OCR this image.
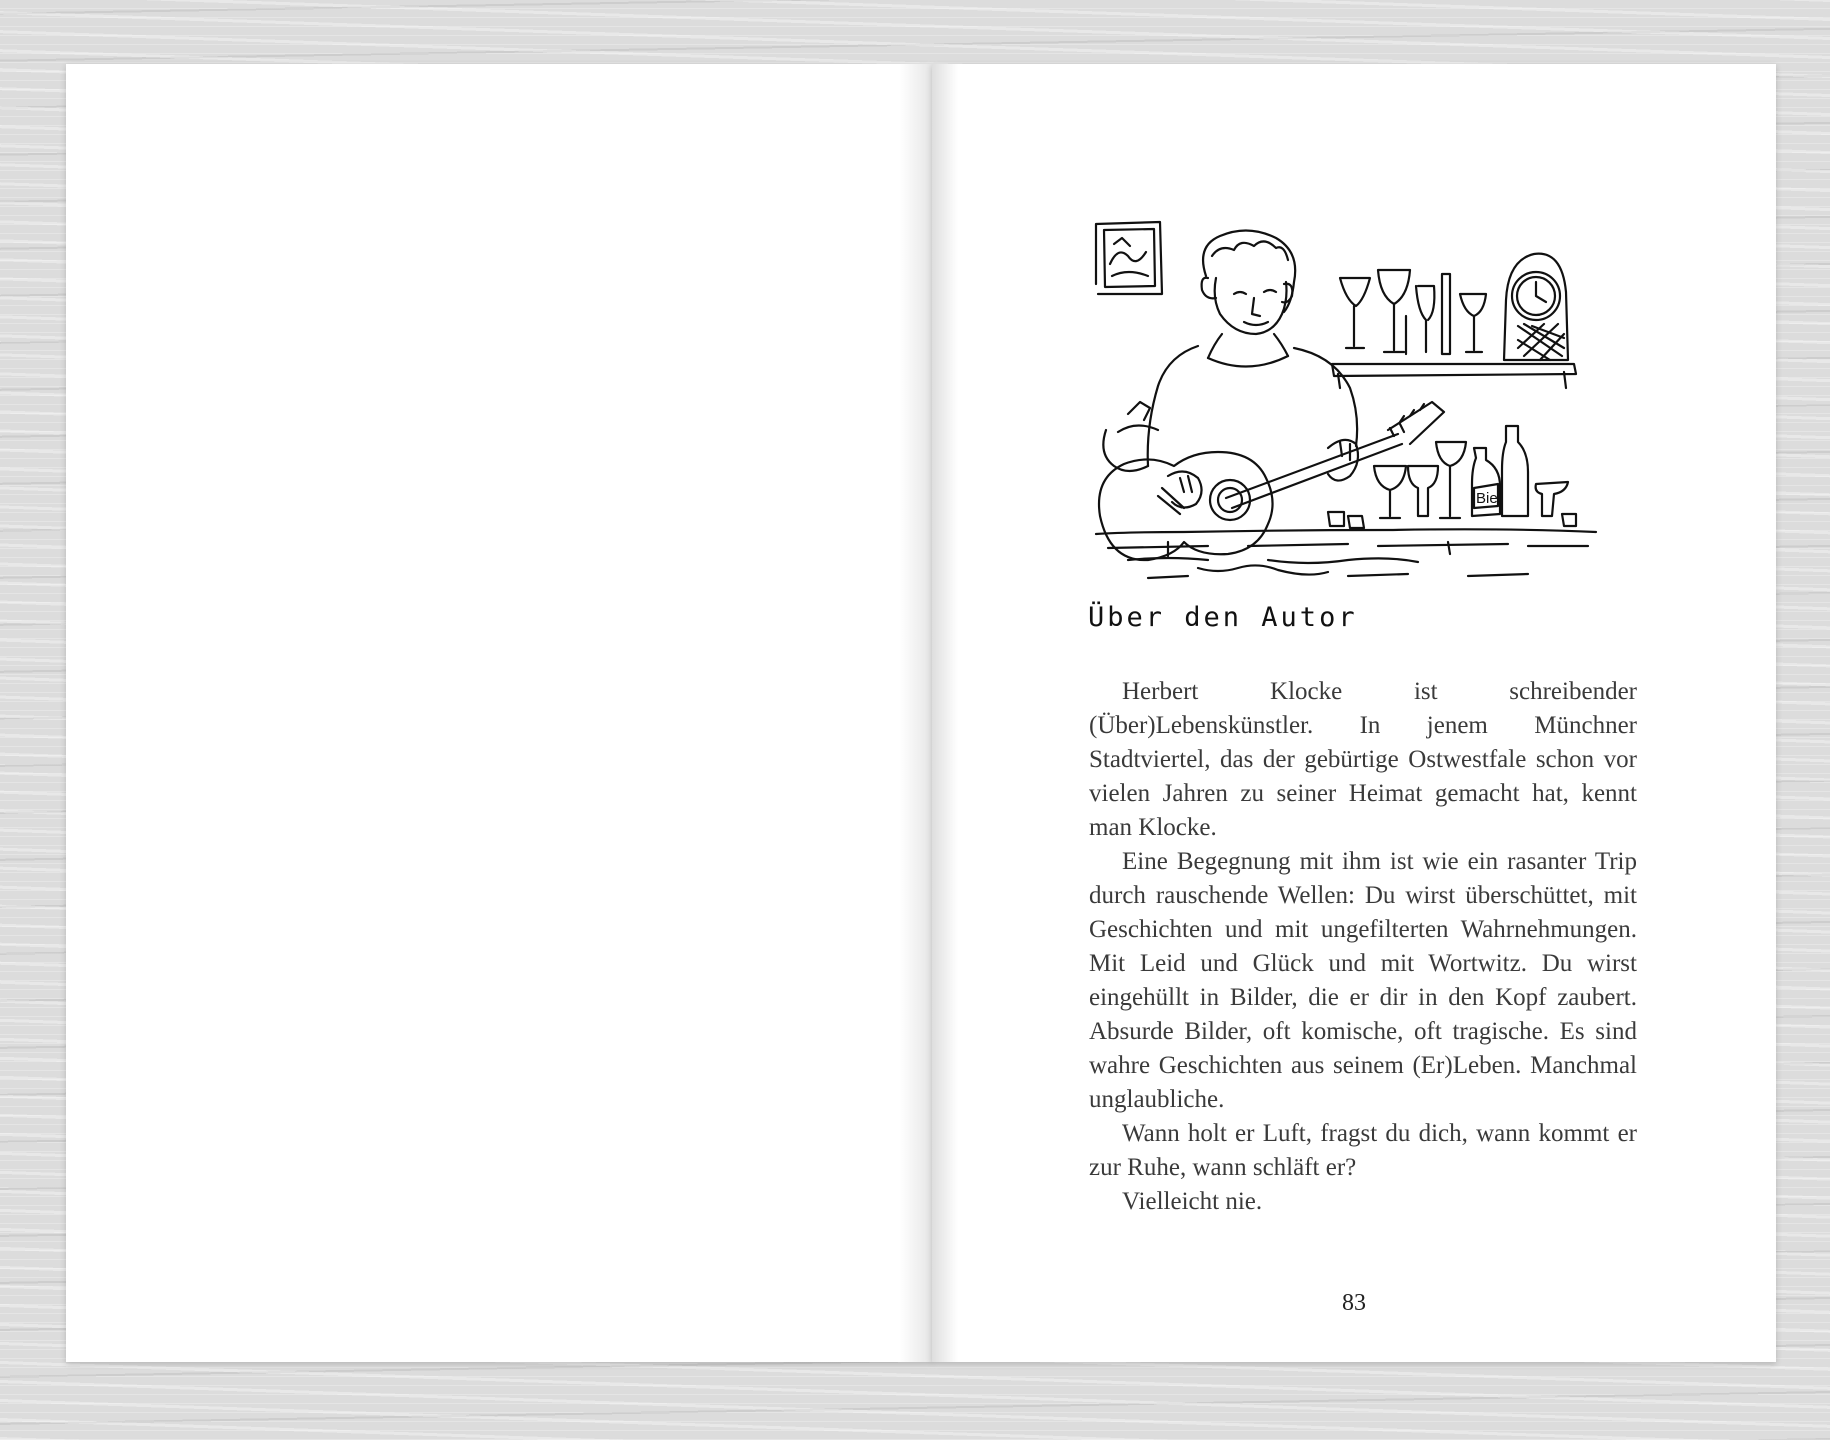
Bier
Über den Autor

Herbert Klocke ist schreibender (Über)Lebenskünstler. In jenem Münchner Stadtviertel, das der gebürtige Ostwestfale schon vor vielen Jahren zu seiner Heimat gemacht hat, kennt man Klocke.

Eine Begegnung mit ihm ist wie ein rasanter Trip durch rauschende Wellen: Du wirst überschüttet, mit Geschichten und mit ungefilterten Wahrnehmungen. Mit Leid und Glück und mit Wortwitz. Du wirst eingehüllt in Bilder, die er dir in den Kopf zaubert. Absurde Bilder, oft komische, oft tragische. Es sind wahre Geschichten aus seinem (Er)Leben. Manchmal unglaubliche.

Wann holt er Luft, fragst du dich, wann kommt er zur Ruhe, wann schläft er?

Vielleicht nie.

83
